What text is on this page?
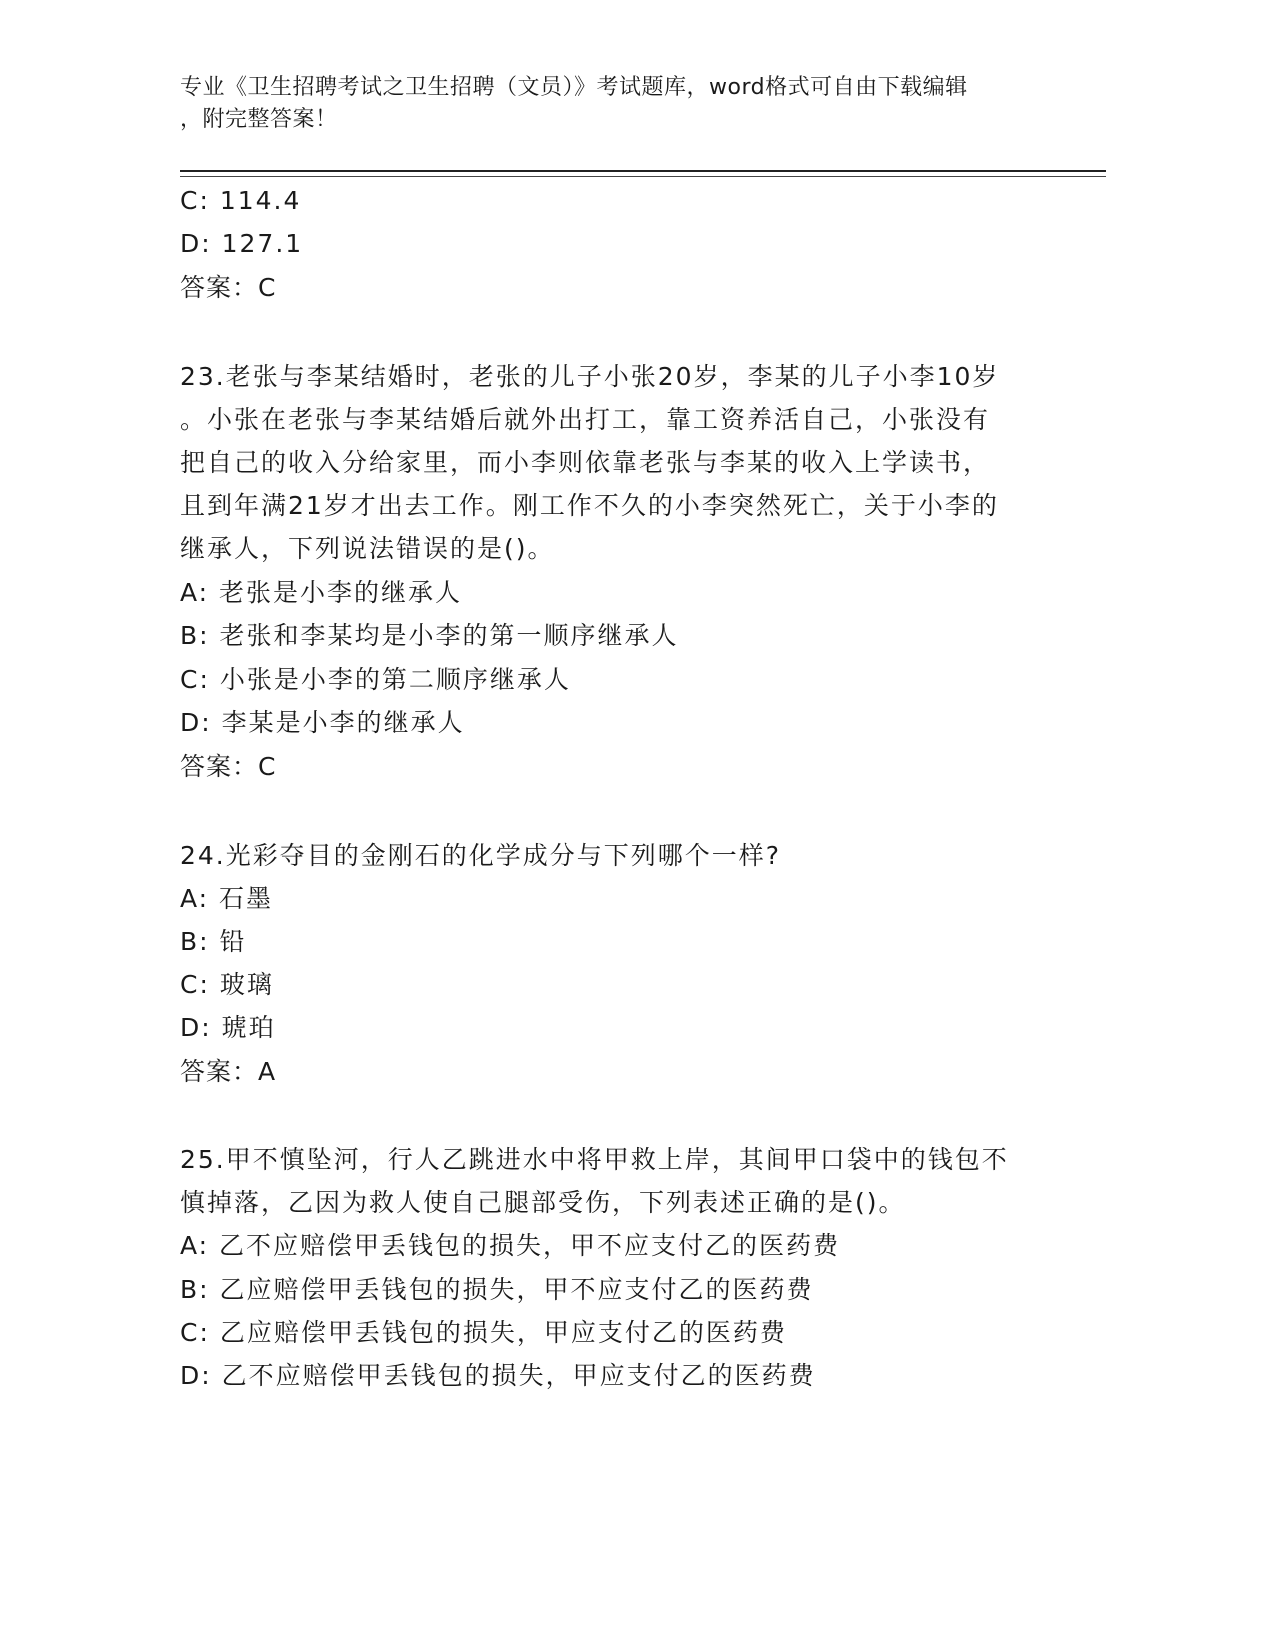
专业《卫生招聘考试之卫生招聘（文员）》考试题库，word格式可自由下载编辑
，附完整答案！
C: 114.4
D: 127.1
答案：C
23.老张与李某结婚时，老张的儿子小张20岁，李某的儿子小李10岁
。小张在老张与李某结婚后就外出打工，靠工资养活自己，小张没有
把自己的收入分给家里，而小李则依靠老张与李某的收入上学读书，
且到年满21岁才出去工作。刚工作不久的小李突然死亡，关于小李的
继承人，下列说法错误的是()。
A: 老张是小李的继承人
B: 老张和李某均是小李的第一顺序继承人
C: 小张是小李的第二顺序继承人
D: 李某是小李的继承人
答案：C
24.光彩夺目的金刚石的化学成分与下列哪个一样?
A: 石墨
B: 铅
C: 玻璃
D: 琥珀
答案：A
25.甲不慎坠河，行人乙跳进水中将甲救上岸，其间甲口袋中的钱包不
慎掉落，乙因为救人使自己腿部受伤，下列表述正确的是()。
A: 乙不应赔偿甲丢钱包的损失，甲不应支付乙的医药费
B: 乙应赔偿甲丢钱包的损失，甲不应支付乙的医药费
C: 乙应赔偿甲丢钱包的损失，甲应支付乙的医药费
D: 乙不应赔偿甲丢钱包的损失，甲应支付乙的医药费
